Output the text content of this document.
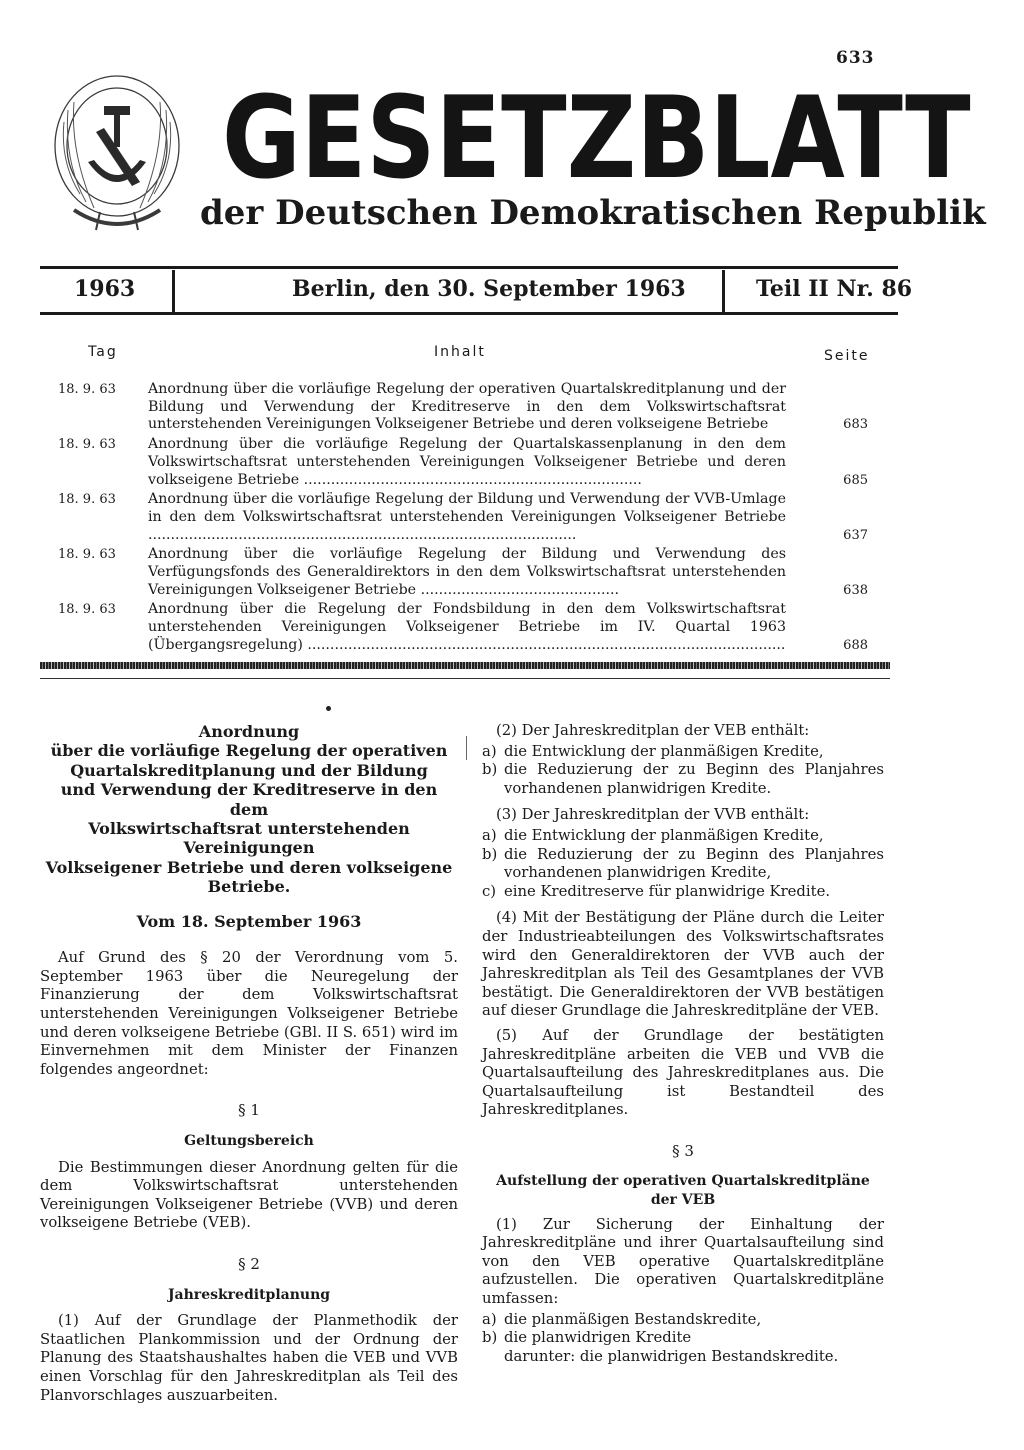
633
GESETZBLATT
der Deutschen Demokratischen Republik
1963	Berlin, den 30. September 1963	Teil II Nr. 86
Tag	Inhalt	Seite
18. 9. 63	Anordnung über die vorläufige Regelung der operativen Quartalskreditplanung und der Bildung und Verwendung der Kreditreserve in den dem Volkswirtschaftsrat unterstehenden Vereinigungen Volkseigener Betriebe und deren volkseigene Betriebe	683
18. 9. 63	Anordnung über die vorläufige Regelung der Quartalskassenplanung in den dem Volkswirtschaftsrat unterstehenden Vereinigungen Volkseigener Betriebe und deren volkseigene Betriebe ...........................................................................	685
18. 9. 63	Anordnung über die vorläufige Regelung der Bildung und Verwendung der VVB-Umlage in den dem Volkswirtschaftsrat unterstehenden Vereinigungen Volkseigener Betriebe ...............................................................................................	637
18. 9. 63	Anordnung über die vorläufige Regelung der Bildung und Verwendung des Verfügungsfonds des Generaldirektors in den dem Volkswirtschaftsrat unterstehenden Vereinigungen Volkseigener Betriebe ............................................	638
18. 9. 63	Anordnung über die Regelung der Fondsbildung in den dem Volkswirtschaftsrat unterstehenden Vereinigungen Volkseigener Betriebe im IV. Quartal 1963 (Übergangsregelung) ..........................................................................................................	688
Anordnung
über die vorläufige Regelung der operativen
Quartalskreditplanung und der Bildung
und Verwendung der Kreditreserve in den dem
Volkswirtschaftsrat unterstehenden Vereinigungen
Volkseigener Betriebe und deren volkseigene
Betriebe.
Vom 18. September 1963

Auf Grund des § 20 der Verordnung vom 5. September 1963 über die Neuregelung der Finanzierung der dem Volkswirtschaftsrat unterstehenden Vereinigungen Volkseigener Betriebe und deren volkseigene Betriebe (GBl. II S. 651) wird im Einvernehmen mit dem Minister der Finanzen folgendes angeordnet:

§ 1
Geltungsbereich

Die Bestimmungen dieser Anordnung gelten für die dem Volkswirtschaftsrat unterstehenden Vereinigungen Volkseigener Betriebe (VVB) und deren volkseigene Betriebe (VEB).

§ 2
Jahreskreditplanung

(1) Auf der Grundlage der Planmethodik der Staatlichen Plankommission und der Ordnung der Planung des Staatshaushaltes haben die VEB und VVB einen Vorschlag für den Jahreskreditplan als Teil des Planvorschlages auszuarbeiten.

(2) Der Jahreskreditplan der VEB enthält:

a) die Entwicklung der planmäßigen Kredite,
b) die Reduzierung der zu Beginn des Planjahres vorhandenen planwidrigen Kredite.

(3) Der Jahreskreditplan der VVB enthält:

a) die Entwicklung der planmäßigen Kredite,
b) die Reduzierung der zu Beginn des Planjahres vorhandenen planwidrigen Kredite,
c) eine Kreditreserve für planwidrige Kredite.

(4) Mit der Bestätigung der Pläne durch die Leiter der Industrieabteilungen des Volkswirtschaftsrates wird den Generaldirektoren der VVB auch der Jahreskreditplan als Teil des Gesamtplanes der VVB bestätigt. Die Generaldirektoren der VVB bestätigen auf dieser Grundlage die Jahreskreditpläne der VEB.

(5) Auf der Grundlage der bestätigten Jahreskreditpläne arbeiten die VEB und VVB die Quartalsaufteilung des Jahreskreditplanes aus. Die Quartalsaufteilung ist Bestandteil des Jahreskreditplanes.

§ 3
Aufstellung der operativen Quartalskreditpläne
der VEB

(1) Zur Sicherung der Einhaltung der Jahreskreditpläne und ihrer Quartalsaufteilung sind von den VEB operative Quartalskreditpläne aufzustellen. Die operativen Quartalskreditpläne umfassen:

a) die planmäßigen Bestandskredite,
b) die planwidrigen Kredite
darunter: die planwidrigen Bestandskredite.
